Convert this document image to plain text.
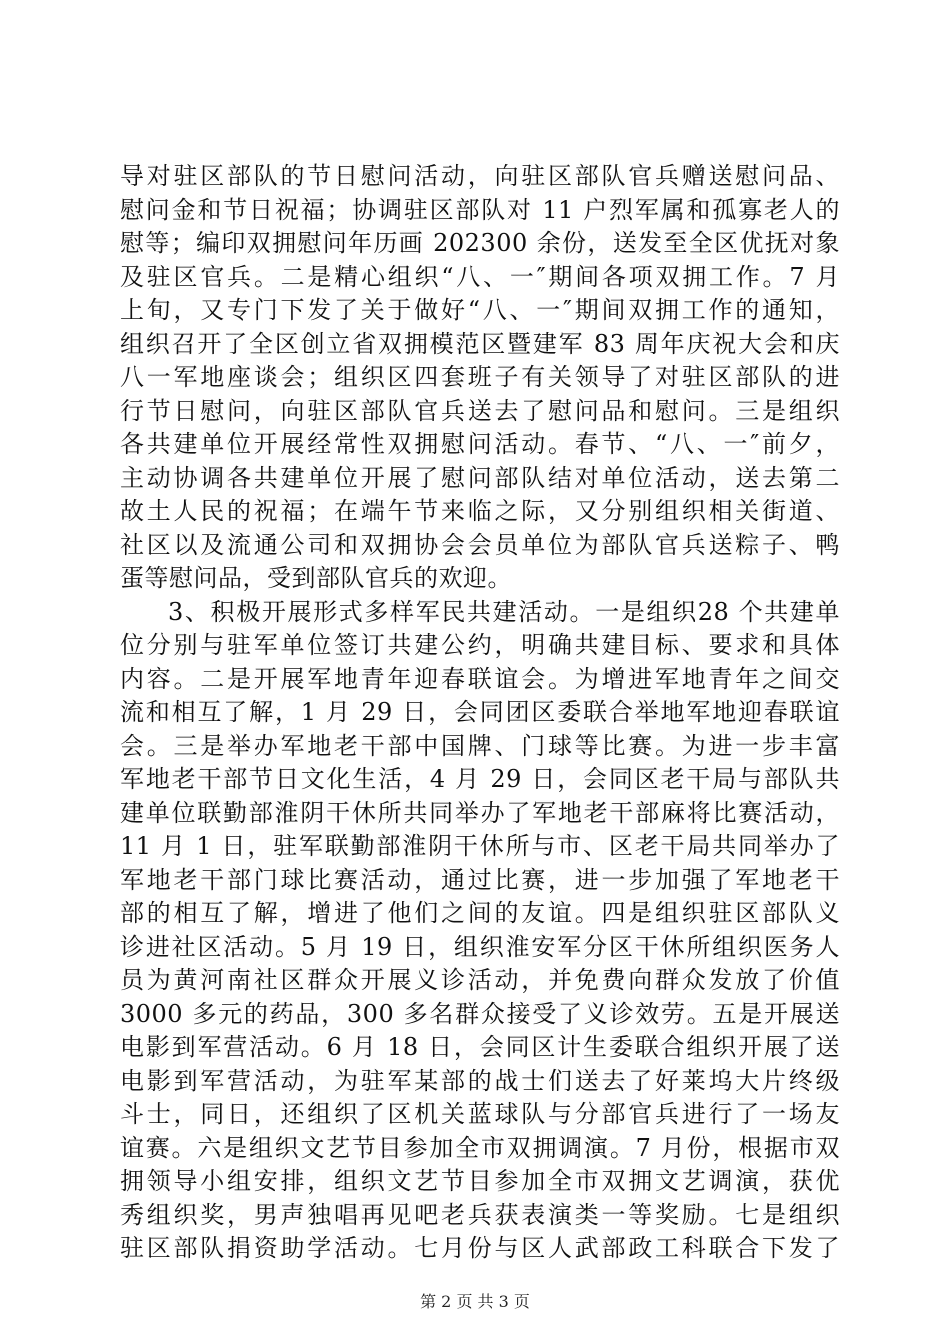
导对驻区部队的节日慰问活动，向驻区部队官兵赠送慰问品、
慰问金和节日祝福；协调驻区部队对 11 户烈军属和孤寡老人的
慰等；编印双拥慰问年历画 202300 余份，送发至全区优抚对象
及驻区官兵。二是精心组织“八、一″期间各项双拥工作。7 月
上旬，又专门下发了关于做好“八、一″期间双拥工作的通知，
组织召开了全区创立省双拥模范区暨建军 83 周年庆祝大会和庆
八一军地座谈会；组织区四套班子有关领导了对驻区部队的进
行节日慰问，向驻区部队官兵送去了慰问品和慰问。三是组织
各共建单位开展经常性双拥慰问活动。春节、“八、一″前夕，
主动协调各共建单位开展了慰问部队结对单位活动，送去第二
故土人民的祝福；在端午节来临之际，又分别组织相关街道、
社区以及流通公司和双拥协会会员单位为部队官兵送粽子、鸭
蛋等慰问品，受到部队官兵的欢迎。
3、积极开展形式多样军民共建活动。一是组织28 个共建单
位分别与驻军单位签订共建公约，明确共建目标、要求和具体
内容。二是开展军地青年迎春联谊会。为增进军地青年之间交
流和相互了解，1 月 29 日，会同团区委联合举地军地迎春联谊
会。三是举办军地老干部中国牌、门球等比赛。为进一步丰富
军地老干部节日文化生活，4 月 29 日，会同区老干局与部队共
建单位联勤部淮阴干休所共同举办了军地老干部麻将比赛活动，
11 月 1 日，驻军联勤部淮阴干休所与市、区老干局共同举办了
军地老干部门球比赛活动，通过比赛，进一步加强了军地老干
部的相互了解，增进了他们之间的友谊。四是组织驻区部队义
诊进社区活动。5 月 19 日，组织淮安军分区干休所组织医务人
员为黄河南社区群众开展义诊活动，并免费向群众发放了价值
3000 多元的药品，300 多名群众接受了义诊效劳。五是开展送
电影到军营活动。6 月 18 日，会同区计生委联合组织开展了送
电影到军营活动，为驻军某部的战士们送去了好莱坞大片终级
斗士，同日，还组织了区机关蓝球队与分部官兵进行了一场友
谊赛。六是组织文艺节目参加全市双拥调演。7 月份，根据市双
拥领导小组安排，组织文艺节目参加全市双拥文艺调演，获优
秀组织奖，男声独唱再见吧老兵获表演类一等奖励。七是组织
驻区部队捐资助学活动。七月份与区人武部政工科联合下发了
第 2 页 共 3 页
